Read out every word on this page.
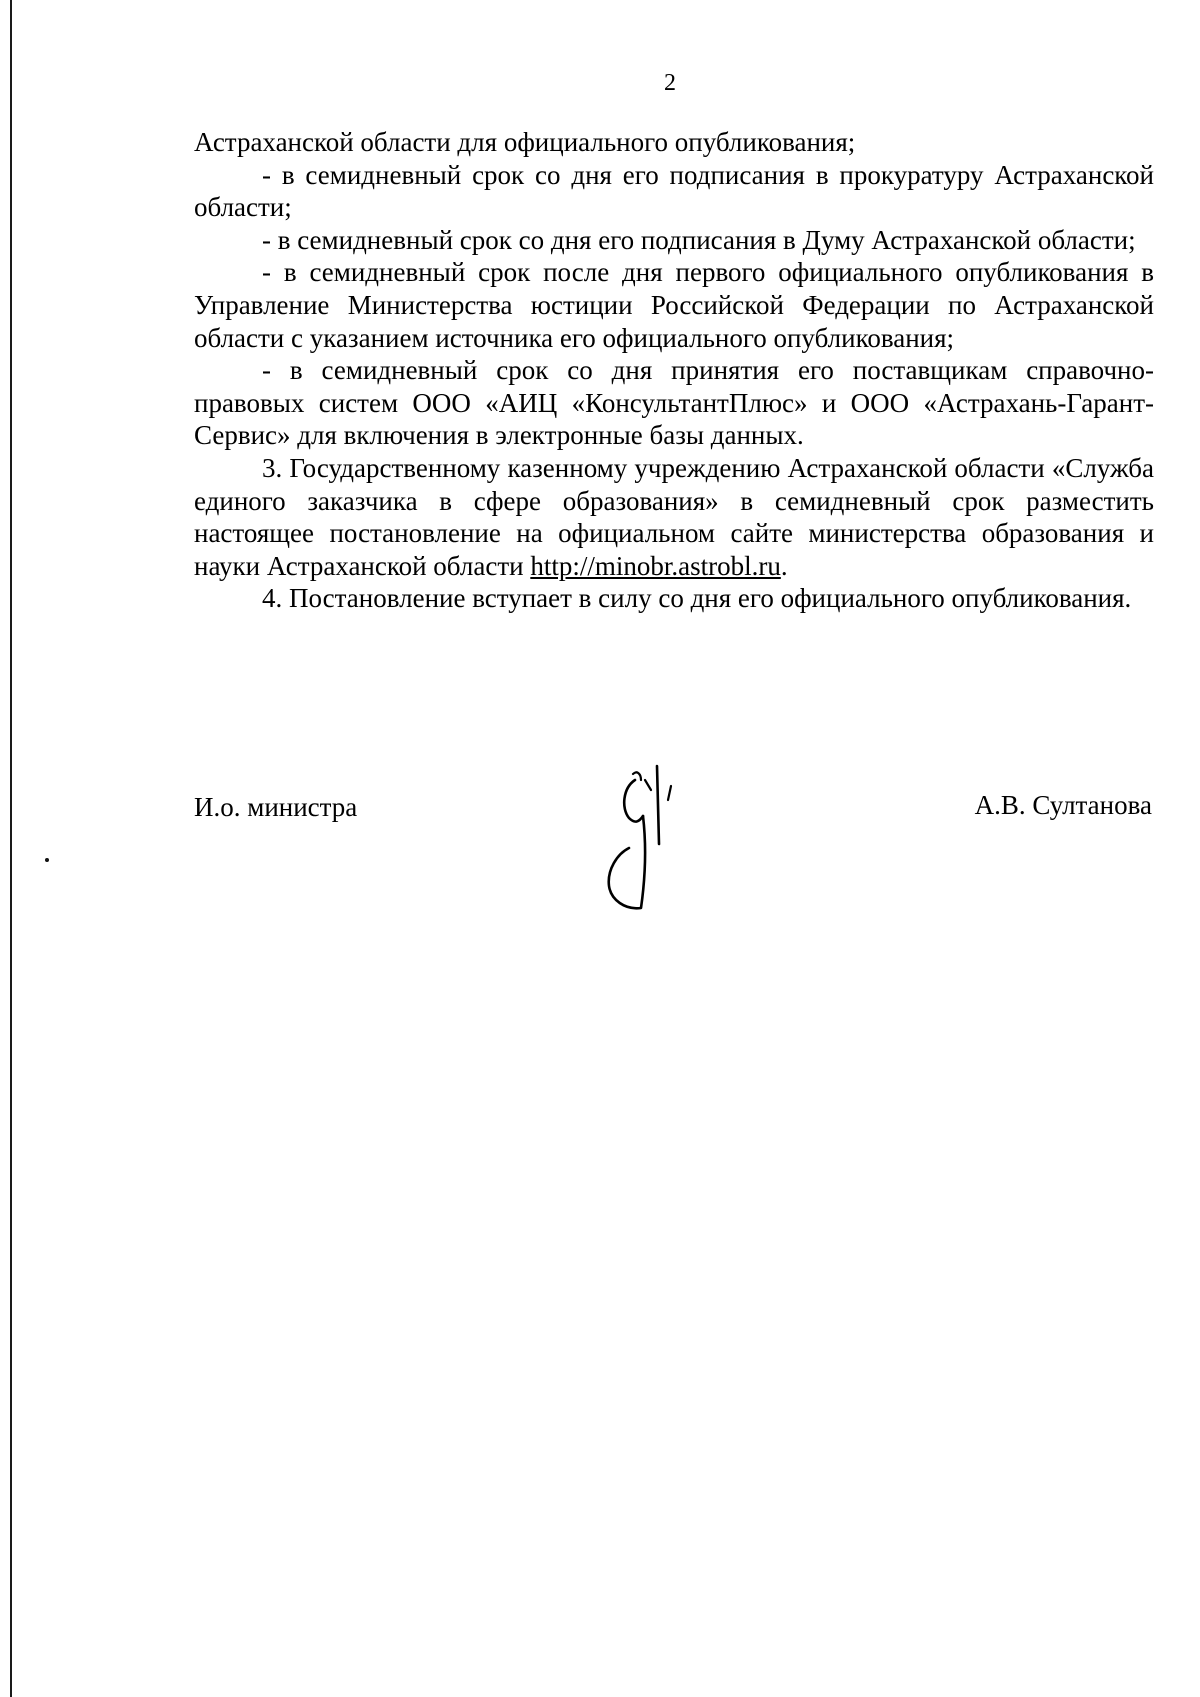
2

Астраханской области для официального опубликования;

- в семидневный срок со дня его подписания в прокуратуру Астраханской области;

- в семидневный срок со дня его подписания в Думу Астраханской области;

- в семидневный срок после дня первого официального опубликования в Управление Министерства юстиции Российской Федерации по Астраханской области с указанием источника его официального опубликования;

- в семидневный срок со дня принятия его поставщикам справочно-правовых систем ООО «АИЦ «КонсультантПлюс» и ООО «Астрахань-Гарант-Сервис» для включения в электронные базы данных.

3. Государственному казенному учреждению Астраханской области «Служба единого заказчика в сфере образования» в семидневный срок разместить настоящее постановление на официальном сайте министерства образования и науки Астраханской области http://minobr.astrobl.ru.

4. Постановление вступает в силу со дня его официального опубликования.

И.о. министра	А.В. Султанова
